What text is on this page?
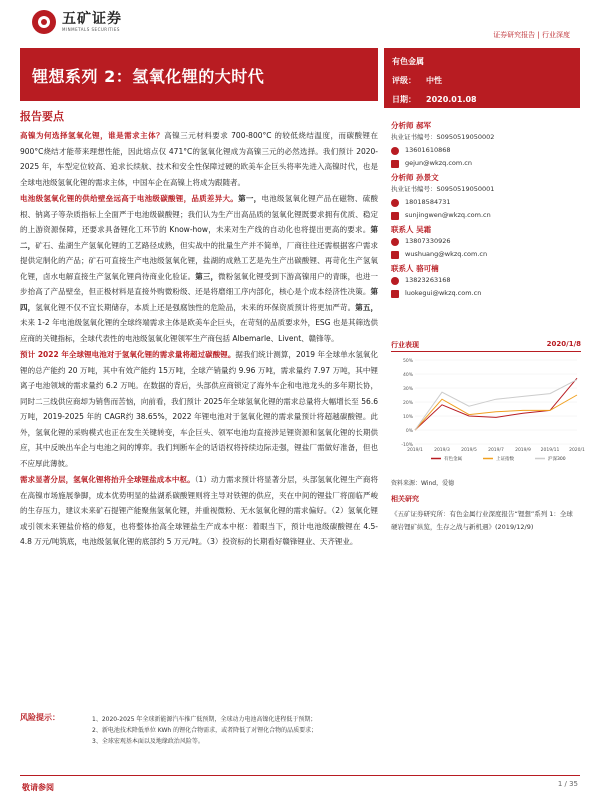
五矿证券
MINMETALS SECURITIES
证券研究报告 | 行业深度
锂想系列 2：氢氧化锂的大时代
有色金属
评级： 中性
日期： 2020.01.08
报告要点

高镍为何选择氢氧化锂，谁是需求主体？高镍三元材料要求 700-800°C 的较低烧结温度，而碳酸锂在 900°C烧结才能带来理想性能，因此熔点仅 471°C的氢氧化锂成为高镍三元的必然选择。我们预计 2020-2025 年，车型定位较高、追求长续航、技术和安全性保障过硬的欧美车企巨头将率先进入高镍时代，也是全球电池级氢氧化锂的需求主体，中国车企在高镍上将成为跟随者。

电池级氢氧化锂的供给壁垒远高于电池级碳酸锂，品质差异大。第一，电池级氢氧化锂产品在磁物、硫酸根、钠离子等杂质指标上全面严于电池级碳酸锂；我们认为生产出高品质的氢氧化锂既要求拥有优质、稳定的上游资源保障，还要求具备锂化工环节的 Know-how，未来对生产线的自动化也将提出更高的要求。第二，矿石、盐湖生产氢氧化锂的工艺路径成熟，但实战中的批量生产并不简单，厂商往往还需根据客户需求提供定制化的产品；矿石可直接生产电池级氢氧化锂，盐湖的成熟工艺是先生产出碳酸锂、再苛化生产氢氧化锂，卤水电解直接生产氢氧化锂尚待商业化验证。第三，微粉氢氧化锂受到下游高镍用户的青睐，也进一步抬高了产品壁垒，但正极材料是直接外购微粉级、还是将磨细工序内部化，核心是个成本经济性决策。第四，氢氧化锂不仅不宜长期储存，本质上还是强腐蚀性的危险品，未来的环保资质预计将更加严苛。第五，未来 1-2 年电池级氢氧化锂的全球终端需求主体是欧美车企巨头，在苛刻的品质要求外，ESG 也是其筛选供应商的关键指标，全球代表性的电池级氢氧化锂领军生产商包括 Albemarle、Livent、赣锋等。

预计 2022 年全球锂电池对于氢氧化锂的需求量将超过碳酸锂。据我们统计测算，2019 年全球单水氢氧化锂的总产能约 20 万吨，其中有效产能约 15万吨，全球产销量约 9.96 万吨，需求量约 7.97 万吨，其中锂离子电池领域的需求量约 6.2 万吨。在数据的背后，头部供应商锁定了海外车企和电池龙头的多年期长协，同时二三线供应商却为销售而苦恼，向前看，我们预计 2025年全球氢氧化锂的需求总量将大幅增长至 56.6 万吨，2019-2025 年的 CAGR约 38.65%，2022 年锂电池对于氢氧化锂的需求量预计将超越碳酸锂。此外，氢氧化锂的采购模式也正在发生关键转变，车企巨头、领军电池均直接涉足锂资源和氢氧化锂的长期供应，其中反映出车企与电池之间的博弈。我们判断车企的话语权将持续边际走强，锂盐厂需做好准备，但也不应厚此薄彼。

需求显著分层，氢氧化锂将抬升全球锂盐成本中枢。（1）动力需求预计将显著分层，头部氢氧化锂生产商将在高镍市场施展拳脚，成本优势明显的盐湖系碳酸锂则将主导对铁锂的供应，夹在中间的锂盐厂将面临严峻的生存压力，建议未来矿石提锂产能聚焦氢氧化锂，并重视微粉、无水氢氧化锂的需求偏好。（2）氢氧化锂或引领未来锂盐价格的修复，也将整体抬高全球锂盐生产成本中枢：着眼当下，预计电池级碳酸锂在 4.5-4.8 万元/吨筑底，电池级氢氧化锂的底部约 5 万元/吨。（3）投资标的长期看好赣锋锂业、天齐锂业。

风险提示：	1、2020-2025 年全球新能源汽车推广低预期，全球动力电池高镍化进程低于预期；
2、新电池技术降低单位 KWh 的锂化合物需求，或者降低了对锂化合物的品质要求；
3、全球宏观基本面以及地缘政治风险等。
分析师 郝军
执业证书编号： S0950519050002
13601610868
gejun@wkzq.com.cn
分析师 孙景文
执业证书编号： S0950519050001
18018584731
sunjingwen@wkzq.com.cn
联系人 吴霜
13807330926
wushuang@wkzq.com.cn
联系人 骆可楠
13823263168
luokegui@wkzq.com.cn
行业表现	2020/1/8
50%
40%
30%
20%
10%
0%
-10%
2019/1 2019/3 2019/5 2019/7 2019/9 2019/11 2020/1
有色金属	上证指数	沪深300
资料来源：Wind，爱德
相关研究
《五矿证券研究所：有色金属行业深度报告“锂想”系列 1：全球硬岩锂矿纵览，生存之战与新机遇》(2019/12/9)
敬请参阅	1 / 35
